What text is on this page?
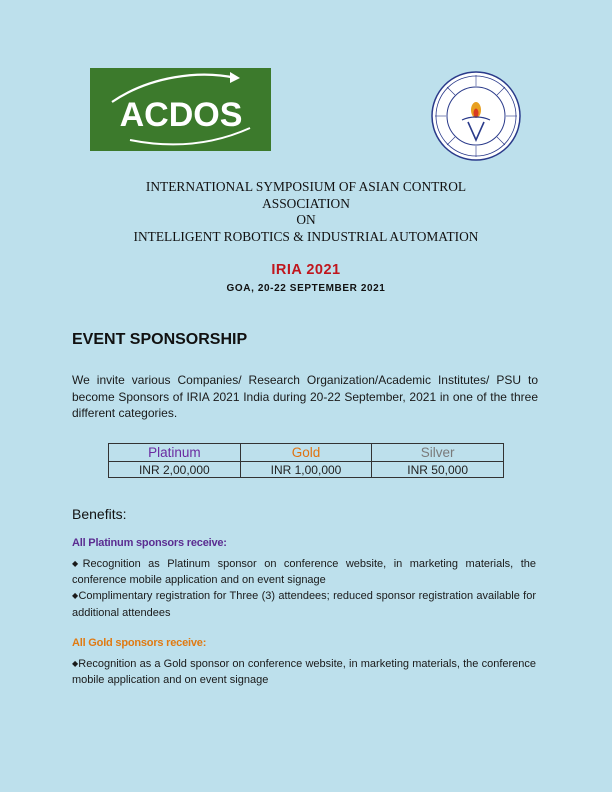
ACDOS
INTERNATIONAL SYMPOSIUM OF ASIAN CONTROL
ASSOCIATION
ON
INTELLIGENT ROBOTICS & INDUSTRIAL AUTOMATION
IRIA 2021
GOA, 20-22 SEPTEMBER 2021
EVENT SPONSORSHIP
We invite various Companies/ Research Organization/Academic Institutes/ PSU to become Sponsors of IRIA 2021 India during 20-22 September, 2021 in one of the three different categories.
Platinum	Gold	Silver
INR 2,00,000	INR 1,00,000	INR 50,000
Benefits:
All Platinum sponsors receive:

◆Recognition as Platinum sponsor on conference website, in marketing materials, the conference mobile application and on event signage

◆Complimentary registration for Three (3) attendees; reduced sponsor registration available for additional attendees

All Gold sponsors receive:

◆Recognition as a Gold sponsor on conference website, in marketing materials, the conference mobile application and on event signage
